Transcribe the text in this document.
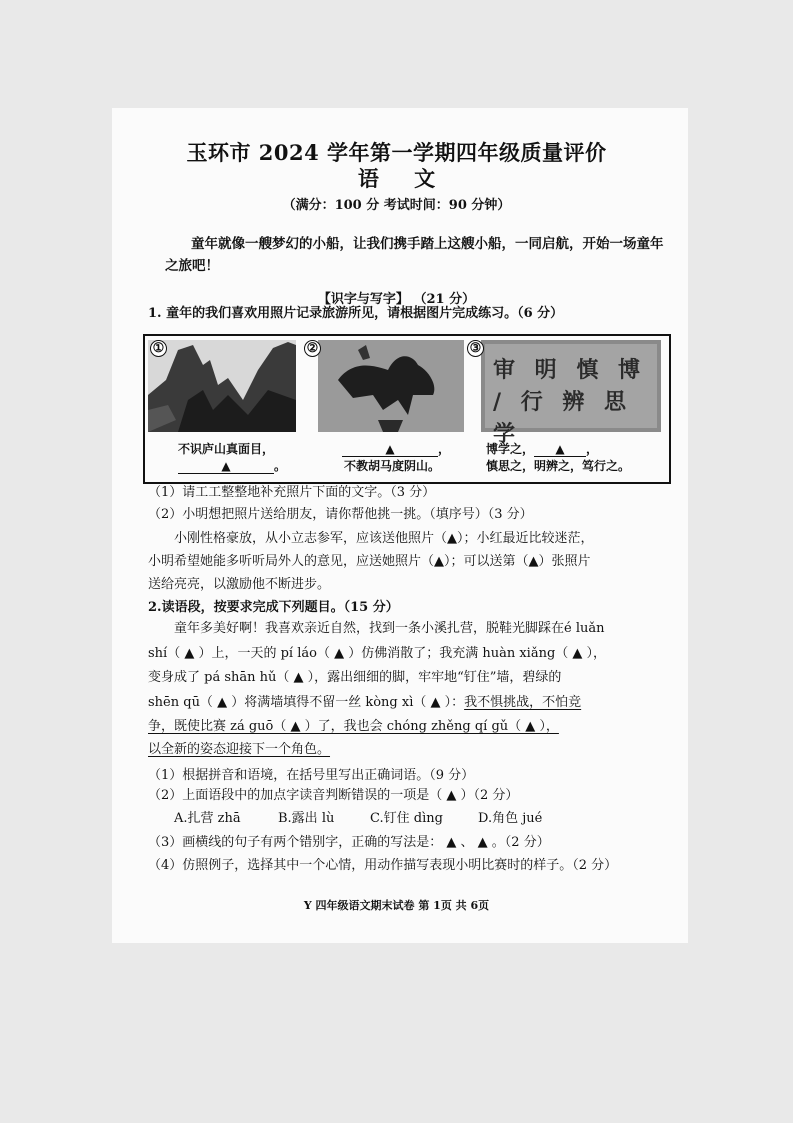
玉环市 2024 学年第一学期四年级质量评价
语 文
（满分：100 分 考试时间：90 分钟）
童年就像一艘梦幻的小船，让我们携手踏上这艘小船，一同启航，开始一场童年之旅吧！
【识字与写字】 （21 分）
1. 童年的我们喜欢用照片记录旅游所见，请根据图片完成练习。（6 分）
①	②
审 明 慎 博 / 行 辨 思 学
③
不识庐山真面目，
▲	。
▲	，
不教胡马度阴山。
博学之， ▲ ，
慎思之，明辨之，笃行之。
（1）请工工整整地补充照片下面的文字。（3 分）
（2）小明想把照片送给朋友，请你帮他挑一挑。（填序号）（3 分）
小刚性格豪放，从小立志参军，应该送他照片（▲）；小红最近比较迷茫，
小明希望她能多听听局外人的意见，应送她照片（▲）；可以送第（▲）张照片
送给亮亮，以激励他不断进步。
2.读语段，按要求完成下列题目。（15 分）
童年多美好啊！我喜欢亲近自然，找到一条小溪扎营，脱鞋光脚踩在é luǎn
shí（ ▲ ）上，一天的 pí láo（ ▲ ）仿佛消散了；我充满 huàn xiǎng（ ▲ ），
变身成了 pá shān hǔ（ ▲ ），露出细细的脚，牢牢地“钉住”墙，碧绿的
shēn qū（ ▲ ）将满墙填得不留一丝 kòng xì（ ▲ ）：我不惧挑战，不怕竞
争，既使比赛 zá guō（ ▲ ）了，我也会 chóng zhěng qí gǔ（ ▲ ），
以全新的姿态迎接下一个角色。
（1）根据拼音和语境，在括号里写出正确词语。（9 分）
（2）上面语段中的加点字读音判断错误的一项是（ ▲ ）（2 分）
A.扎营 zhā	B.露出 lù	C.钉住 dìng	D.角色 jué
（3）画横线的句子有两个错别字，正确的写法是： ▲ 、 ▲ 。（2 分）
（4）仿照例子，选择其中一个心情，用动作描写表现小明比赛时的样子。（2 分）
Y 四年级语文期末试卷 第 1页 共 6页
